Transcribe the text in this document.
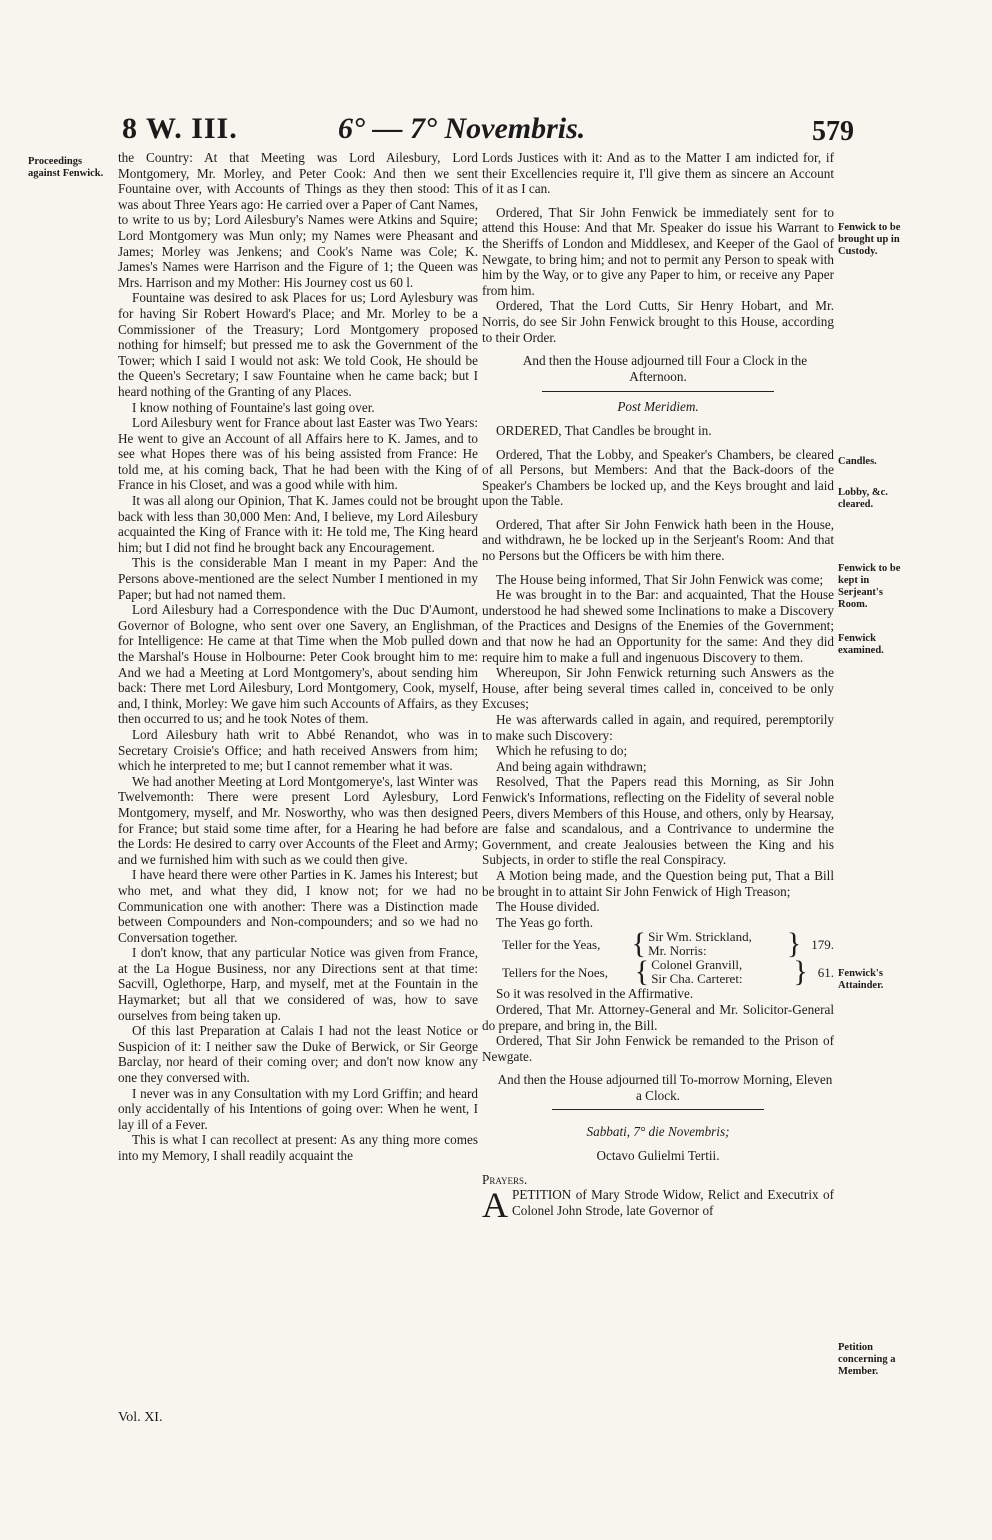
8 W. III.	6° — 7° Novembris.	579
Proceedings against Fenwick.

the Country: At that Meeting was Lord Ailesbury, Lord Montgomery, Mr. Morley, and Peter Cook: And then we sent Fountaine over, with Accounts of Things as they then stood: This was about Three Years ago: He carried over a Paper of Cant Names, to write to us by; Lord Ailesbury's Names were Atkins and Squire; Lord Montgomery was Mun only; my Names were Pheasant and James; Morley was Jenkens; and Cook's Name was Cole; K. James's Names were Harrison and the Figure of 1; the Queen was Mrs. Harrison and my Mother: His Journey cost us 60 l.

Fountaine was desired to ask Places for us; Lord Aylesbury was for having Sir Robert Howard's Place; and Mr. Morley to be a Commissioner of the Treasury; Lord Montgomery proposed nothing for himself; but pressed me to ask the Government of the Tower; which I said I would not ask: We told Cook, He should be the Queen's Secretary; I saw Fountaine when he came back; but I heard nothing of the Granting of any Places.

I know nothing of Fountaine's last going over.

Lord Ailesbury went for France about last Easter was Two Years: He went to give an Account of all Affairs here to K. James, and to see what Hopes there was of his being assisted from France: He told me, at his coming back, That he had been with the King of France in his Closet, and was a good while with him.

It was all along our Opinion, That K. James could not be brought back with less than 30,000 Men: And, I believe, my Lord Ailesbury acquainted the King of France with it: He told me, The King heard him; but I did not find he brought back any Encouragement.

This is the considerable Man I meant in my Paper: And the Persons above-mentioned are the select Number I mentioned in my Paper; but had not named them.

Lord Ailesbury had a Correspondence with the Duc D'Aumont, Governor of Bologne, who sent over one Savery, an Englishman, for Intelligence: He came at that Time when the Mob pulled down the Marshal's House in Holbourne: Peter Cook brought him to me: And we had a Meeting at Lord Montgomery's, about sending him back: There met Lord Ailesbury, Lord Montgomery, Cook, myself, and, I think, Morley: We gave him such Accounts of Affairs, as they then occurred to us; and he took Notes of them.

Lord Ailesbury hath writ to Abbé Renandot, who was in Secretary Croisie's Office; and hath received Answers from him; which he interpreted to me; but I cannot remember what it was.

We had another Meeting at Lord Montgomerye's, last Winter was Twelvemonth: There were present Lord Aylesbury, Lord Montgomery, myself, and Mr. Nosworthy, who was then designed for France; but staid some time after, for a Hearing he had before the Lords: He desired to carry over Accounts of the Fleet and Army; and we furnished him with such as we could then give.

I have heard there were other Parties in K. James his Interest; but who met, and what they did, I know not; for we had no Communication one with another: There was a Distinction made between Compounders and Non-compounders; and so we had no Conversation together.

I don't know, that any particular Notice was given from France, at the La Hogue Business, nor any Directions sent at that time: Sacvill, Oglethorpe, Harp, and myself, met at the Fountain in the Haymarket; but all that we considered of was, how to save ourselves from being taken up.

Of this last Preparation at Calais I had not the least Notice or Suspicion of it: I neither saw the Duke of Berwick, or Sir George Barclay, nor heard of their coming over; and don't now know any one they conversed with.

I never was in any Consultation with my Lord Griffin; and heard only accidentally of his Intentions of going over: When he went, I lay ill of a Fever.

This is what I can recollect at present: As any thing more comes into my Memory, I shall readily acquaint the

Vol. XI.

Lords Justices with it: And as to the Matter I am indicted for, if their Excellencies require it, I'll give them as sincere an Account of it as I can.

Ordered, That Sir John Fenwick be immediately sent for to attend this House: And that Mr. Speaker do issue his Warrant to the Sheriffs of London and Middlesex, and Keeper of the Gaol of Newgate, to bring him; and not to permit any Person to speak with him by the Way, or to give any Paper to him, or receive any Paper from him.

Ordered, That the Lord Cutts, Sir Henry Hobart, and Mr. Norris, do see Sir John Fenwick brought to this House, according to their Order.

And then the House adjourned till Four a Clock in the Afternoon.

Post Meridiem.

ORDERED, That Candles be brought in.

Ordered, That the Lobby, and Speaker's Chambers, be cleared of all Persons, but Members: And that the Back-doors of the Speaker's Chambers be locked up, and the Keys brought and laid upon the Table.

Ordered, That after Sir John Fenwick hath been in the House, and withdrawn, he be locked up in the Serjeant's Room: And that no Persons but the Officers be with him there.

The House being informed, That Sir John Fenwick was come;

He was brought in to the Bar: and acquainted, That the House understood he had shewed some Inclinations to make a Discovery of the Practices and Designs of the Enemies of the Government; and that now he had an Opportunity for the same: And they did require him to make a full and ingenuous Discovery to them.

Whereupon, Sir John Fenwick returning such Answers as the House, after being several times called in, conceived to be only Excuses;

He was afterwards called in again, and required, peremptorily to make such Discovery:

Which he refusing to do;

And being again withdrawn;

Resolved, That the Papers read this Morning, as Sir John Fenwick's Informations, reflecting on the Fidelity of several noble Peers, divers Members of this House, and others, only by Hearsay, are false and scandalous, and a Contrivance to undermine the Government, and create Jealousies between the King and his Subjects, in order to stifle the real Conspiracy.

A Motion being made, and the Question being put, That a Bill be brought in to attaint Sir John Fenwick of High Treason;

The House divided.

The Yeas go forth.

Teller for the Yeas,	{ Sir Wm. Strickland,
Mr. Norris:	} 179.
Tellers for the Noes, { Colonel Granvill,
Sir Cha. Carteret:	} 61.

So it was resolved in the Affirmative.

Ordered, That Mr. Attorney-General and Mr. Solicitor-General do prepare, and bring in, the Bill.

Ordered, That Sir John Fenwick be remanded to the Prison of Newgate.

And then the House adjourned till To-morrow Morning, Eleven a Clock.

Sabbati, 7° die Novembris;

Octavo Gulielmi Tertii.

Prayers.

A PETITION of Mary Strode Widow, Relict and Executrix of Colonel John Strode, late Governor of

Fenwick to be brought up in Custody.
Candles.
Lobby, &c. cleared.
Fenwick to be kept in Serjeant's Room.
Fenwick examined.
Fenwick's Attainder.
Petition concerning a Member.
